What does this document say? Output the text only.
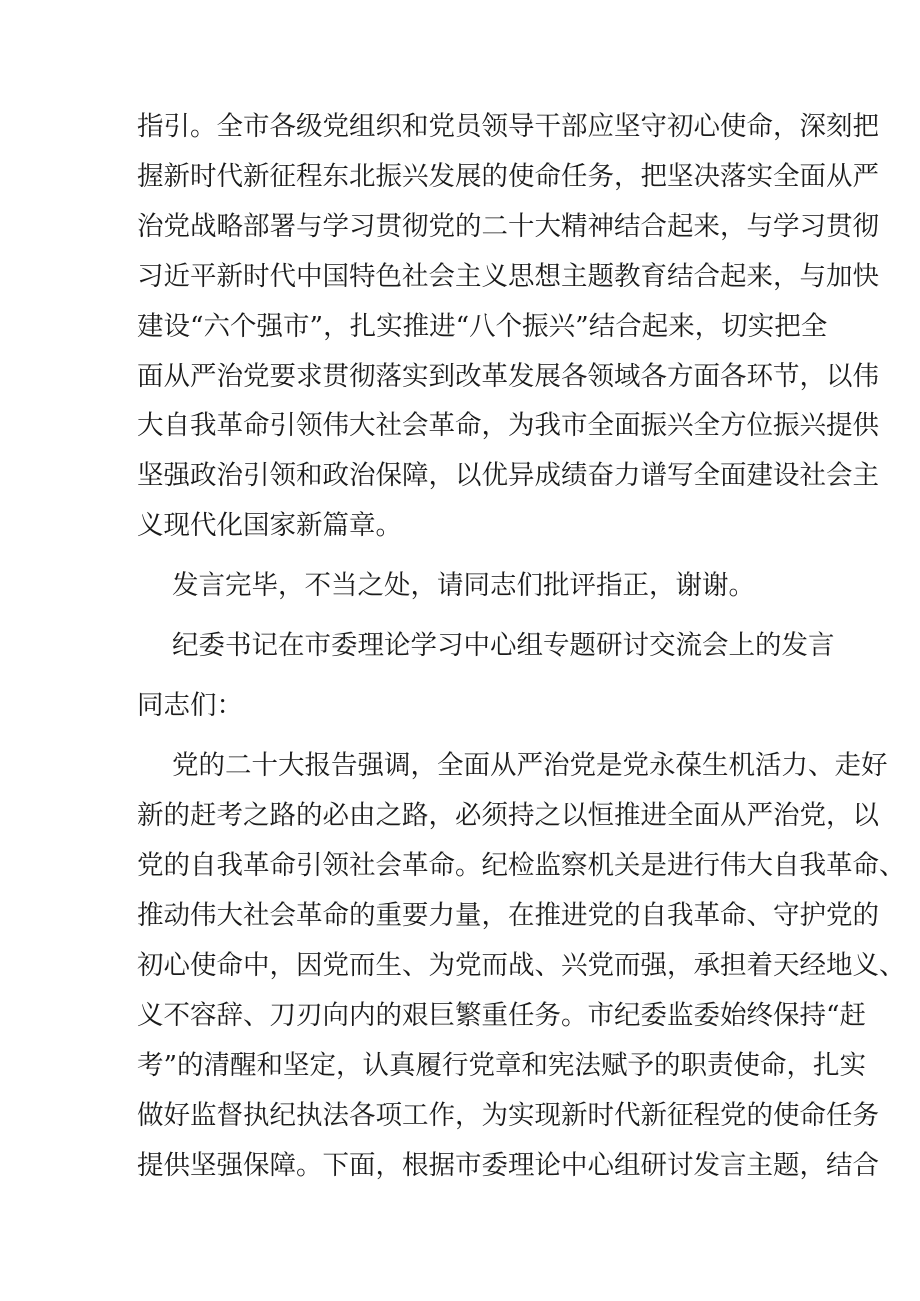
指引。全市各级党组织和党员领导干部应坚守初心使命，深刻把
握新时代新征程东北振兴发展的使命任务，把坚决落实全面从严
治党战略部署与学习贯彻党的二十大精神结合起来，与学习贯彻
习近平新时代中国特色社会主义思想主题教育结合起来，与加快
建设“六个强市”，扎实推进“八个振兴”结合起来，切实把全
面从严治党要求贯彻落实到改革发展各领域各方面各环节，以伟
大自我革命引领伟大社会革命，为我市全面振兴全方位振兴提供
坚强政治引领和政治保障，以优异成绩奋力谱写全面建设社会主
义现代化国家新篇章。
发言完毕，不当之处，请同志们批评指正，谢谢。
纪委书记在市委理论学习中心组专题研讨交流会上的发言
同志们：
党的二十大报告强调，全面从严治党是党永葆生机活力、走好
新的赶考之路的必由之路，必须持之以恒推进全面从严治党，以
党的自我革命引领社会革命。纪检监察机关是进行伟大自我革命、
推动伟大社会革命的重要力量，在推进党的自我革命、守护党的
初心使命中，因党而生、为党而战、兴党而强，承担着天经地义、
义不容辞、刀刃向内的艰巨繁重任务。市纪委监委始终保持“赶
考”的清醒和坚定，认真履行党章和宪法赋予的职责使命，扎实
做好监督执纪执法各项工作，为实现新时代新征程党的使命任务
提供坚强保障。下面，根据市委理论中心组研讨发言主题，结合
